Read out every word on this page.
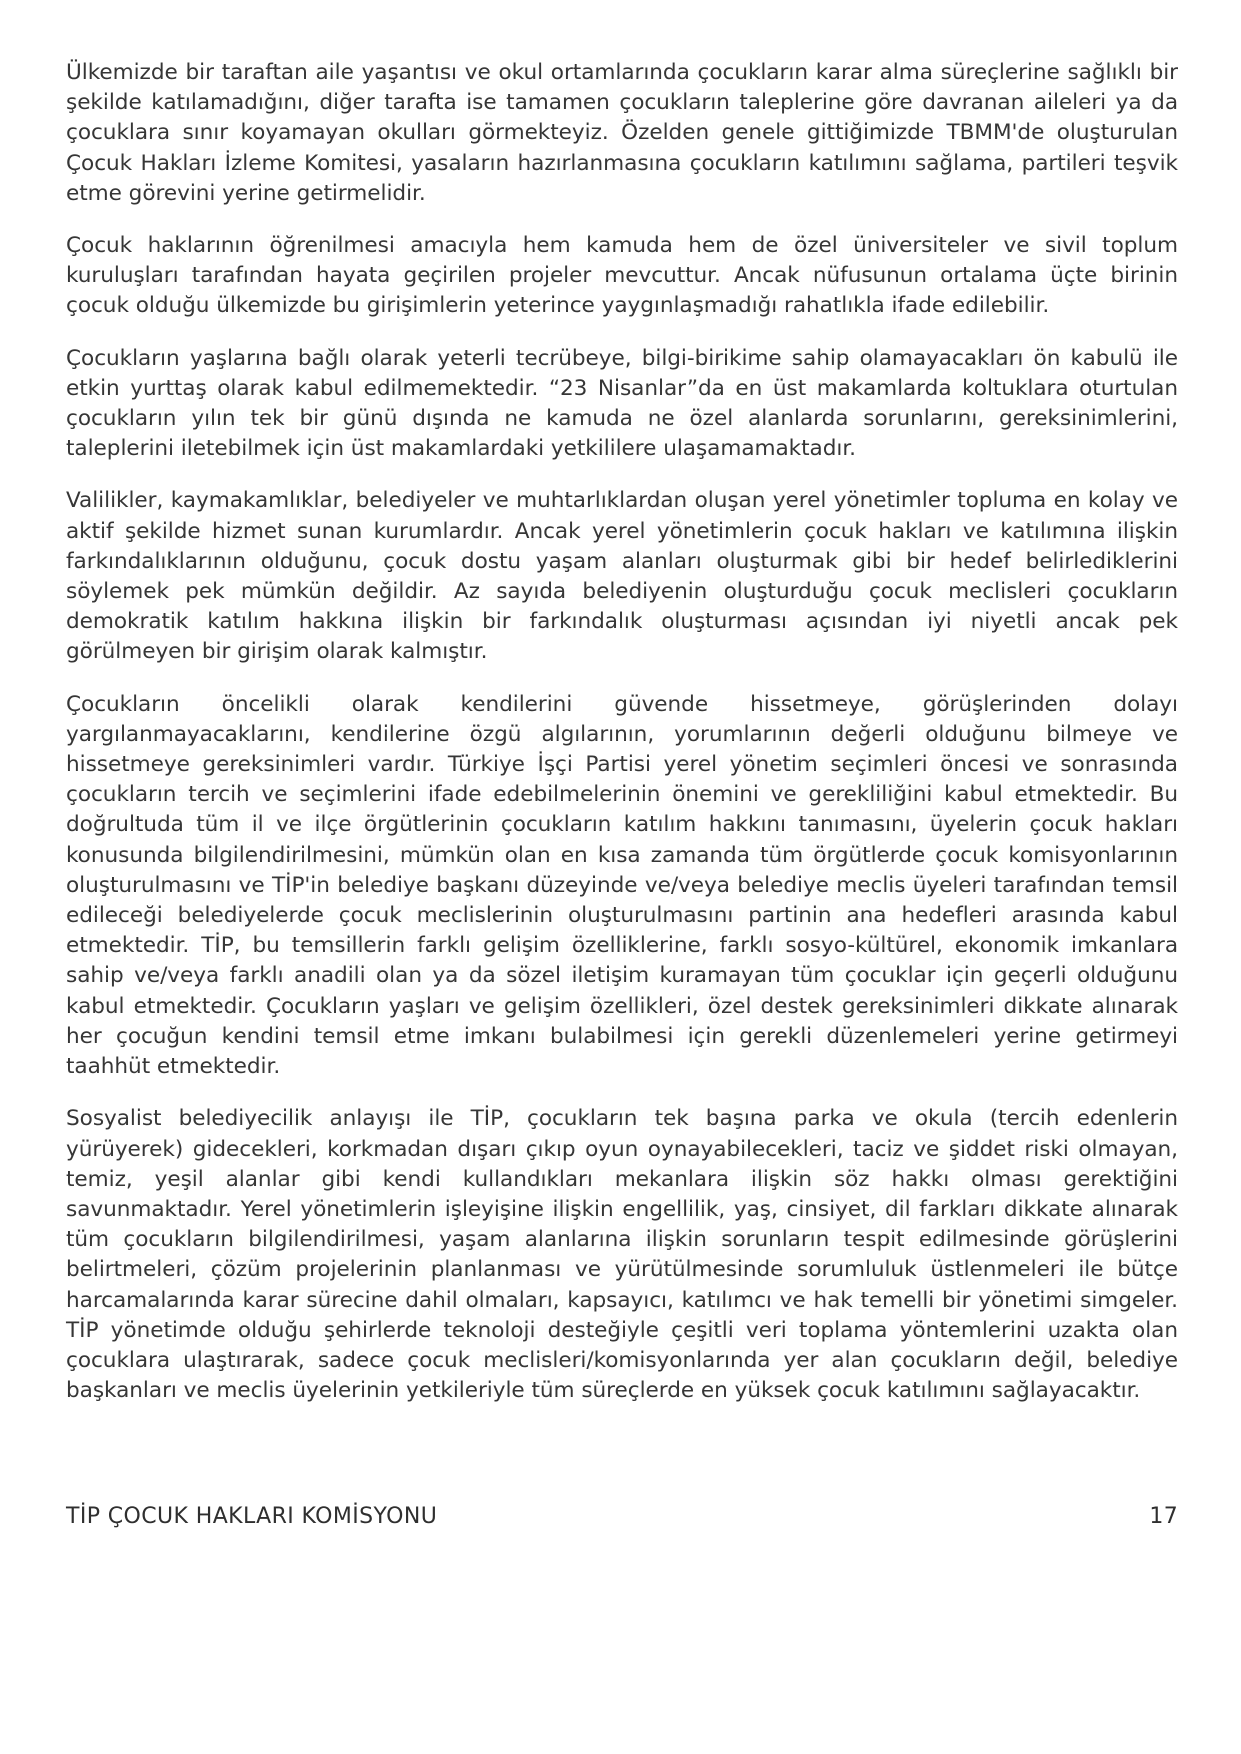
Ülkemizde bir taraftan aile yaşantısı ve okul ortamlarında çocukların karar alma süreçlerine sağlıklı bir şekilde katılamadığını, diğer tarafta ise tamamen çocukların taleplerine göre davranan aileleri ya da çocuklara sınır koyamayan okulları görmekteyiz. Özelden genele gittiğimizde TBMM'de oluşturulan Çocuk Hakları İzleme Komitesi, yasaların hazırlanmasına çocukların katılımını sağlama, partileri teşvik etme görevini yerine getirmelidir.

Çocuk haklarının öğrenilmesi amacıyla hem kamuda hem de özel üniversiteler ve sivil toplum kuruluşları tarafından hayata geçirilen projeler mevcuttur. Ancak nüfusunun ortalama üçte birinin çocuk olduğu ülkemizde bu girişimlerin yeterince yaygınlaşmadığı rahatlıkla ifade edilebilir.

Çocukların yaşlarına bağlı olarak yeterli tecrübeye, bilgi-birikime sahip olamayacakları ön kabulü ile etkin yurttaş olarak kabul edilmemektedir. “23 Nisanlar”da en üst makamlarda koltuklara oturtulan çocukların yılın tek bir günü dışında ne kamuda ne özel alanlarda sorunlarını, gereksinimlerini, taleplerini iletebilmek için üst makamlardaki yetkililere ulaşamamaktadır.

Valilikler, kaymakamlıklar, belediyeler ve muhtarlıklardan oluşan yerel yönetimler topluma en kolay ve aktif şekilde hizmet sunan kurumlardır. Ancak yerel yönetimlerin çocuk hakları ve katılımına ilişkin farkındalıklarının olduğunu, çocuk dostu yaşam alanları oluşturmak gibi bir hedef belirlediklerini söylemek pek mümkün değildir. Az sayıda belediyenin oluşturduğu çocuk meclisleri çocukların demokratik katılım hakkına ilişkin bir farkındalık oluşturması açısından iyi niyetli ancak pek görülmeyen bir girişim olarak kalmıştır.

Çocukların öncelikli olarak kendilerini güvende hissetmeye, görüşlerinden dolayı yargılanmayacaklarını, kendilerine özgü algılarının, yorumlarının değerli olduğunu bilmeye ve hissetmeye gereksinimleri vardır. Türkiye İşçi Partisi yerel yönetim seçimleri öncesi ve sonrasında çocukların tercih ve seçimlerini ifade edebilmelerinin önemini ve gerekliliğini kabul etmektedir. Bu doğrultuda tüm il ve ilçe örgütlerinin çocukların katılım hakkını tanımasını, üyelerin çocuk hakları konusunda bilgilendirilmesini, mümkün olan en kısa zamanda tüm örgütlerde çocuk komisyonlarının oluşturulmasını ve TİP'in belediye başkanı düzeyinde ve/veya belediye meclis üyeleri tarafından temsil edileceği belediyelerde çocuk meclislerinin oluşturulmasını partinin ana hedefleri arasında kabul etmektedir. TİP, bu temsillerin farklı gelişim özelliklerine, farklı sosyo-kültürel, ekonomik imkanlara sahip ve/veya farklı anadili olan ya da sözel iletişim kuramayan tüm çocuklar için geçerli olduğunu kabul etmektedir. Çocukların yaşları ve gelişim özellikleri, özel destek gereksinimleri dikkate alınarak her çocuğun kendini temsil etme imkanı bulabilmesi için gerekli düzenlemeleri yerine getirmeyi taahhüt etmektedir.

Sosyalist belediyecilik anlayışı ile TİP, çocukların tek başına parka ve okula (tercih edenlerin yürüyerek) gidecekleri, korkmadan dışarı çıkıp oyun oynayabilecekleri, taciz ve şiddet riski olmayan, temiz, yeşil alanlar gibi kendi kullandıkları mekanlara ilişkin söz hakkı olması gerektiğini savunmaktadır. Yerel yönetimlerin işleyişine ilişkin engellilik, yaş, cinsiyet, dil farkları dikkate alınarak tüm çocukların bilgilendirilmesi, yaşam alanlarına ilişkin sorunların tespit edilmesinde görüşlerini belirtmeleri, çözüm projelerinin planlanması ve yürütülmesinde sorumluluk üstlenmeleri ile bütçe harcamalarında karar sürecine dahil olmaları, kapsayıcı, katılımcı ve hak temelli bir yönetimi simgeler. TİP yönetimde olduğu şehirlerde teknoloji desteğiyle çeşitli veri toplama yöntemlerini uzakta olan çocuklara ulaştırarak, sadece çocuk meclisleri/komisyonlarında yer alan çocukların değil, belediye başkanları ve meclis üyelerinin yetkileriyle tüm süreçlerde en yüksek çocuk katılımını sağlayacaktır.

TİP ÇOCUK HAKLARI KOMİSYONU	17
